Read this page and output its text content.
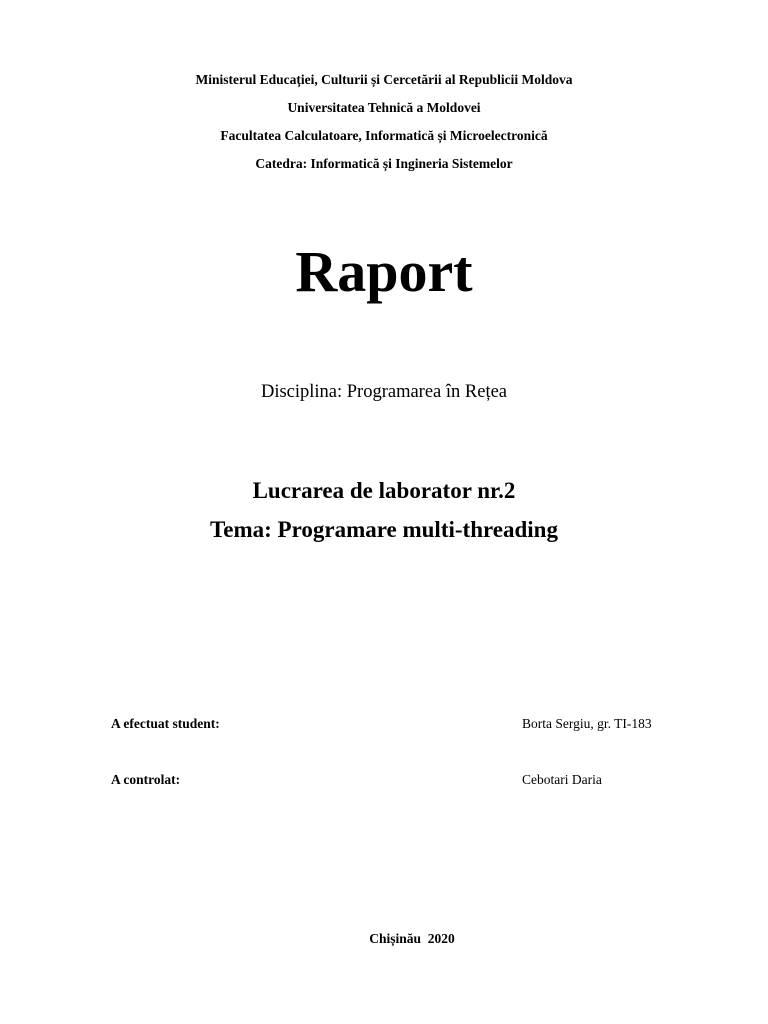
Ministerul Educației, Culturii și Cercetării al Republicii Moldova
Universitatea Tehnică a Moldovei
Facultatea Calculatoare, Informatică și Microelectronică
Catedra: Informatică și Ingineria Sistemelor
Raport
Disciplina: Programarea în Rețea
Lucrarea de laborator nr.2
Tema: Programare multi-threading
A efectuat student:	Borta Sergiu, gr. TI-183
A controlat:	Cebotari Daria
Chișinău  2020
